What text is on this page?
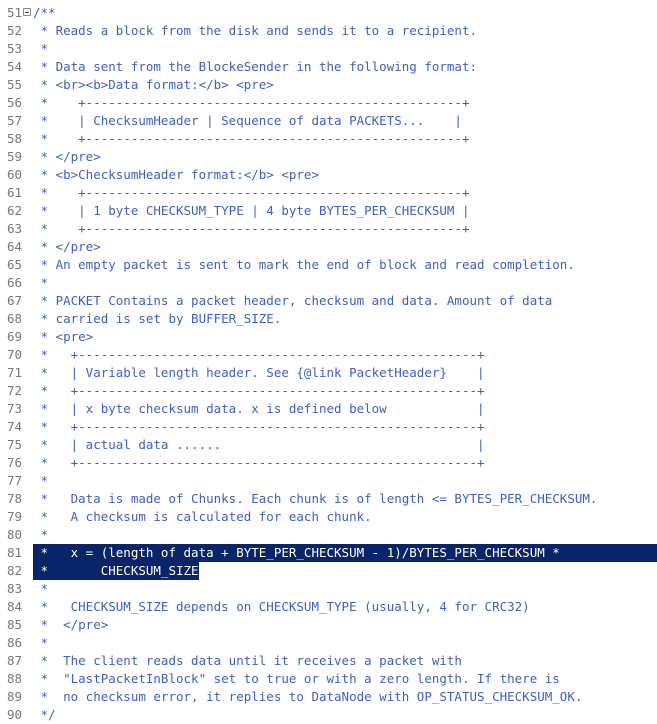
51 /**
52 * Reads a block from the disk and sends it to a recipient.
53 *
54 * Data sent from the BlockeSender in the following format:
55 * <br><b>Data format:</b> <pre>
56 *    +--------------------------------------------------+
57 *    | ChecksumHeader | Sequence of data PACKETS...    |
58 *    +--------------------------------------------------+
59 * </pre>
60 * <b>ChecksumHeader format:</b> <pre>
61 *    +--------------------------------------------------+
62 *    | 1 byte CHECKSUM_TYPE | 4 byte BYTES_PER_CHECKSUM |
63 *    +--------------------------------------------------+
64 * </pre>
65 * An empty packet is sent to mark the end of block and read completion.
66 *
67 * PACKET Contains a packet header, checksum and data. Amount of data
68 * carried is set by BUFFER_SIZE.
69 * <pre>
70 *   +-----------------------------------------------------+
71 *   | Variable length header. See {@link PacketHeader}    |
72 *   +-----------------------------------------------------+
73 *   | x byte checksum data. x is defined below            |
74 *   +-----------------------------------------------------+
75 *   | actual data ......                                  |
76 *   +-----------------------------------------------------+
77 *
78 *   Data is made of Chunks. Each chunk is of length <= BYTES_PER_CHECKSUM.
79 *   A checksum is calculated for each chunk.
80 *
81 *   x = (length of data + BYTE_PER_CHECKSUM - 1)/BYTES_PER_CHECKSUM *
82 *       CHECKSUM_SIZE
83 *
84 *   CHECKSUM_SIZE depends on CHECKSUM_TYPE (usually, 4 for CRC32)
85 *  </pre>
86 *
87 *  The client reads data until it receives a packet with
88 *  "LastPacketInBlock" set to true or with a zero length. If there is
89 *  no checksum error, it replies to DataNode with OP_STATUS_CHECKSUM_OK.
90 */
